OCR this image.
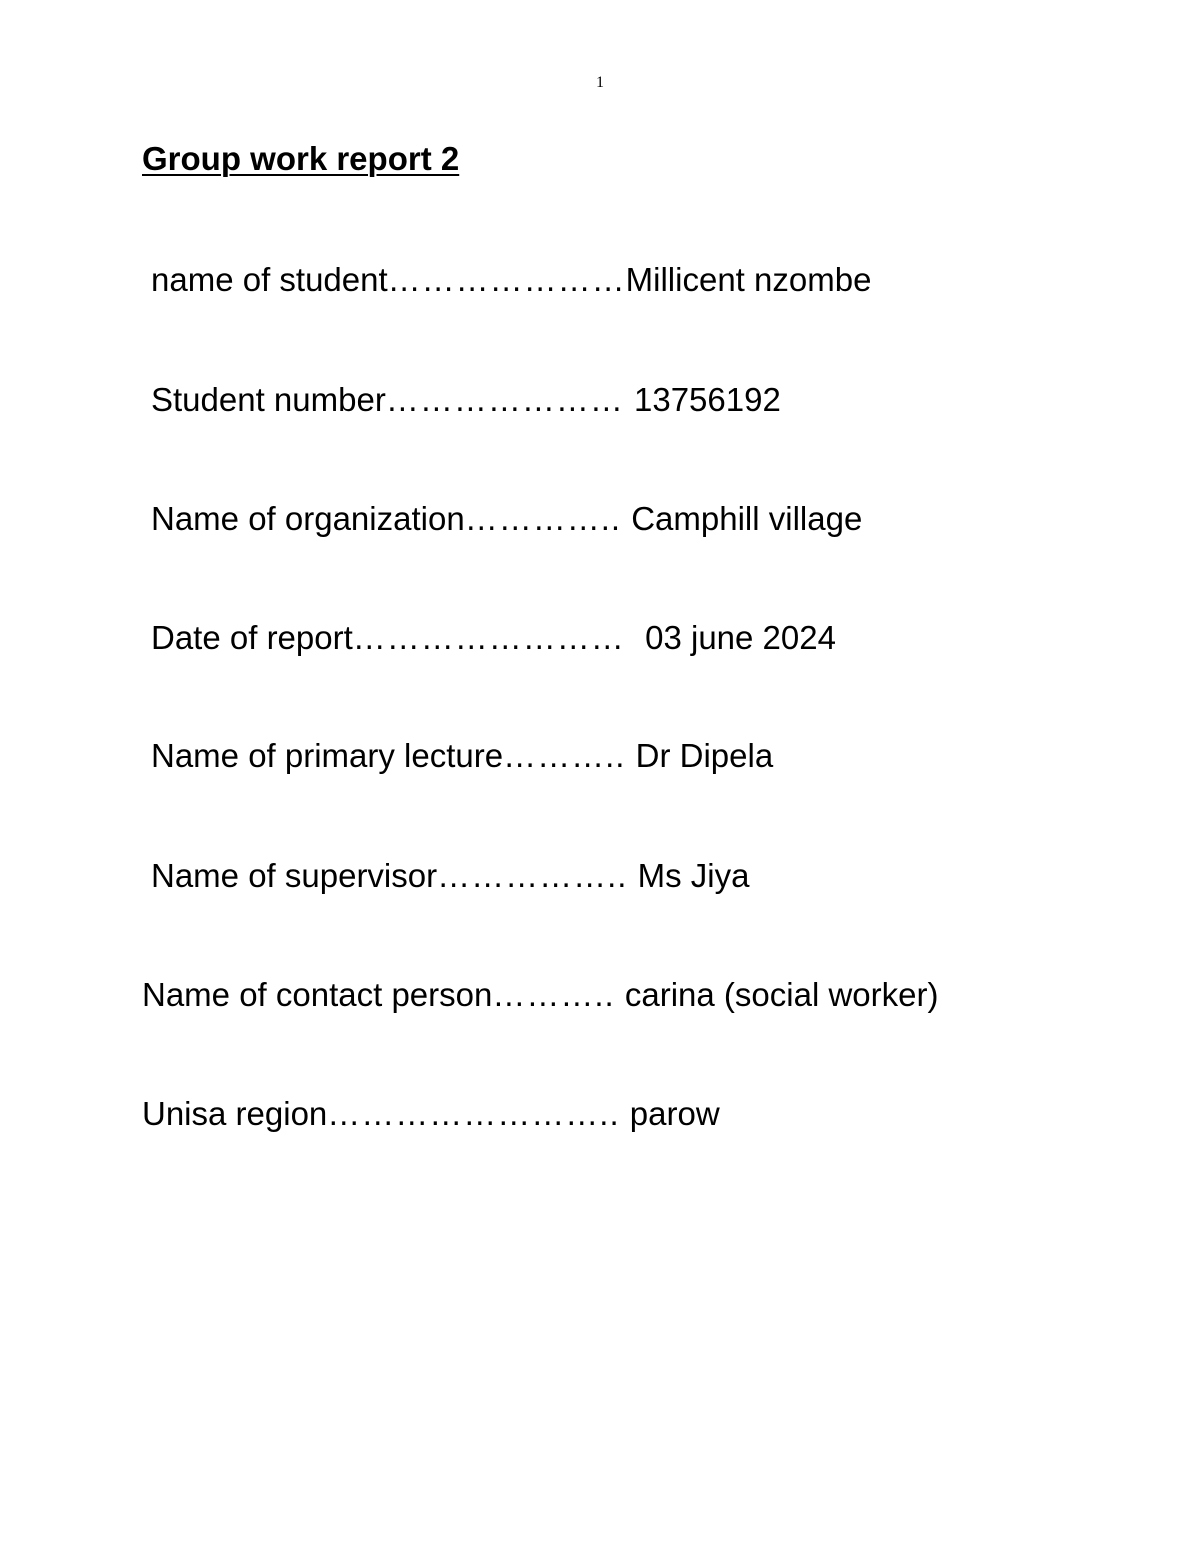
1
Group work report 2
name of student…………………Millicent nzombe
Student number………………… 13756192
Name of organization………….. Camphill village
Date of report……………………  03 june 2024
Name of primary lecture……….. Dr Dipela
Name of supervisor…………….. Ms Jiya
Name of contact person……….. carina (social worker)
Unisa region…………………….. parow
